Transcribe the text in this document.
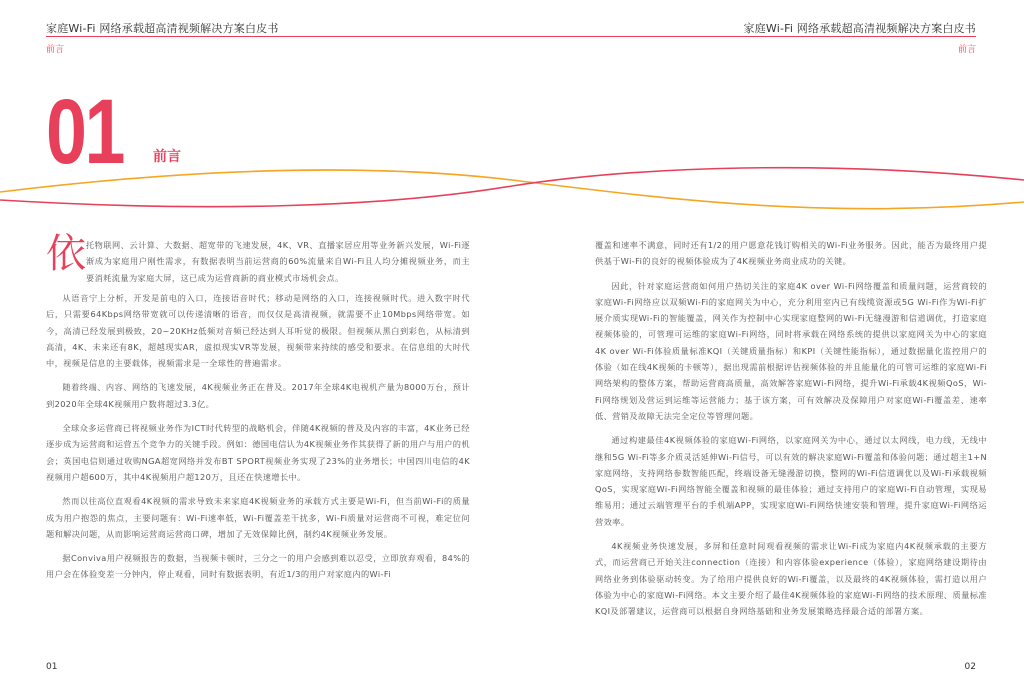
家庭Wi-Fi 网络承载超高清视频解决方案白皮书
前言
01 前言
依 托物联网、云计算、大数据、超宽带的飞速发展，4K、VR、直播家居应用等业务新兴发展，Wi-Fi逐渐成为家庭用户刚性需求，有数据表明当前运营商的60%流量来自Wi-Fi且人均分摊视频业务，而主要消耗流量为家庭大屏，这已成为运营商新的商业模式市场机会点。

从语音宁上分析，开发是前电的入口，连接语音时代；移动是网络的入口，连接视频时代。进入数字时代后，只需要64Kbps网络带宽就可以传递清晰的语音，而仅仅是高清视频，就需要不止10Mbps网络带宽。如今，高清已经发展到极致，20~20KHz低频对音频已经达到人耳听觉的极限。但视频从黑白到彩色，从标清到高清，4K、未来还有8K，超越现实AR，虚拟现实VR等发展，视频带来持续的感受和要求。在信息组的大时代中，视频是信息的主要载体，视频需求是一全球性的普遍需求。

随着终端、内容、网络的飞速发展，4K视频业务正在普及。2017年全球4K电视机产量为8000万台，预计到2020年全球4K视频用户数将超过3.3亿。

全球众多运营商已将视频业务作为ICT时代转型的战略机会，伴随4K视频的普及及内容的丰富，4K业务已经逐步成为运营商和运营五个竞争力的关键手段。例如：德国电信认为4K视频业务作其获得了新的用户与用户的机会；英国电信则通过收购NGA超宽网络并发布BT SPORT视频业务实现了23%的业务增长；中国四川电信的4K视频用户超600万，其中4K视频用户超120万，且还在快速增长中。

然而以往高位直观看4K视频的需求导致未来家庭4K视频业务的承载方式主要是Wi-Fi，但当前Wi-Fi的质量成为用户抱怨的焦点，主要问题有：Wi-Fi速率低，Wi-Fi覆盖差干扰多，Wi-Fi质量对运营商不可视，难定位问题和解决问题，从而影响运营商运营商口碑，增加了无效保障比例，制约4K视频业务发展。

据Conviva用户视频报告的数据，当视频卡顿时，三分之一的用户会感到难以忍受，立即放弃观看，84%的用户会在体验变差一分钟内，停止观看，同时有数据表明，有近1/3的用户对家庭内的Wi-Fi

01
家庭Wi-Fi 网络承载超高清视频解决方案白皮书
前言

覆盖和速率不满意，同时还有1/2的用户愿意花钱订购相关的Wi-Fi业务服务。因此，能否为最终用户提供基于Wi-Fi的良好的视频体验成为了4K视频业务商业成功的关键。

因此，针对家庭运营商如何用户热切关注的家庭4K over Wi-Fi网络覆盖和质量问题，运营商较的家庭Wi-Fi网络应以双频Wi-Fi的家庭网关为中心，充分利用室内已有线缆资源或5G Wi-Fi作为Wi-Fi扩展介质实现Wi-Fi的智能覆盖，网关作为控制中心实现家庭整网的Wi-Fi无缝漫游和信道调优，打造家庭视频体验的，可管理可运维的家庭Wi-Fi网络，同时将承载在网络系统的提供以家庭网关为中心的家庭4K over Wi-Fi体验质量标准KQI（关键质量指标）和KPI（关键性能指标），通过数据量化监控用户的体验（如在线4K视频的卡顿等），据出现需前根据评估视频体验的并且能量化的可管可运维的家庭Wi-Fi网络架构的整体方案，帮助运营商高质量，高效解答家庭Wi-Fi网络，提升Wi-Fi承载4K视频QoS，Wi-Fi网络规划及营运到运维等运营能力；基于该方案，可有效解决及保障用户对家庭Wi-Fi覆盖差、速率低、营销及故障无法完全定位等管理问题。

通过构建最佳4K视频体验的家庭Wi-Fi网络，以家庭网关为中心，通过以太网线，电力线，无线中继和5G Wi-Fi等多介质灵活延伸Wi-Fi信号，可以有效的解决家庭Wi-Fi覆盖和体验问题；通过超主1+N家庭网络，支持网络参数智能匹配，终端设备无缝漫游切换，整网的Wi-Fi信道调优以及Wi-Fi承载视频QoS，实现家庭Wi-Fi网络智能全覆盖和视频的最佳体验；通过支持用户的家庭Wi-Fi自动管理，实现易维易用；通过云端管理平台的手机端APP，实现家庭Wi-Fi网络快速安装和管理，提升家庭Wi-Fi网络运营效率。

4K视频业务快速发展，多屏和任意时间观看视频的需求让Wi-Fi成为家庭内4K视频承载的主要方式，而运营商已开始关注connection（连接）和内容体验experience（体验），家庭网络建设期待由网络业务到体验驱动转变。为了给用户提供良好的Wi-Fi覆盖，以及最终的4K视频体验，需打造以用户体验为中心的家庭Wi-Fi网络。本文主要介绍了最佳4K视频体验的家庭Wi-Fi网络的技术原理、质量标准KQI及部署建议，运营商可以根据自身网络基础和业务发展策略选择最合适的部署方案。

02
